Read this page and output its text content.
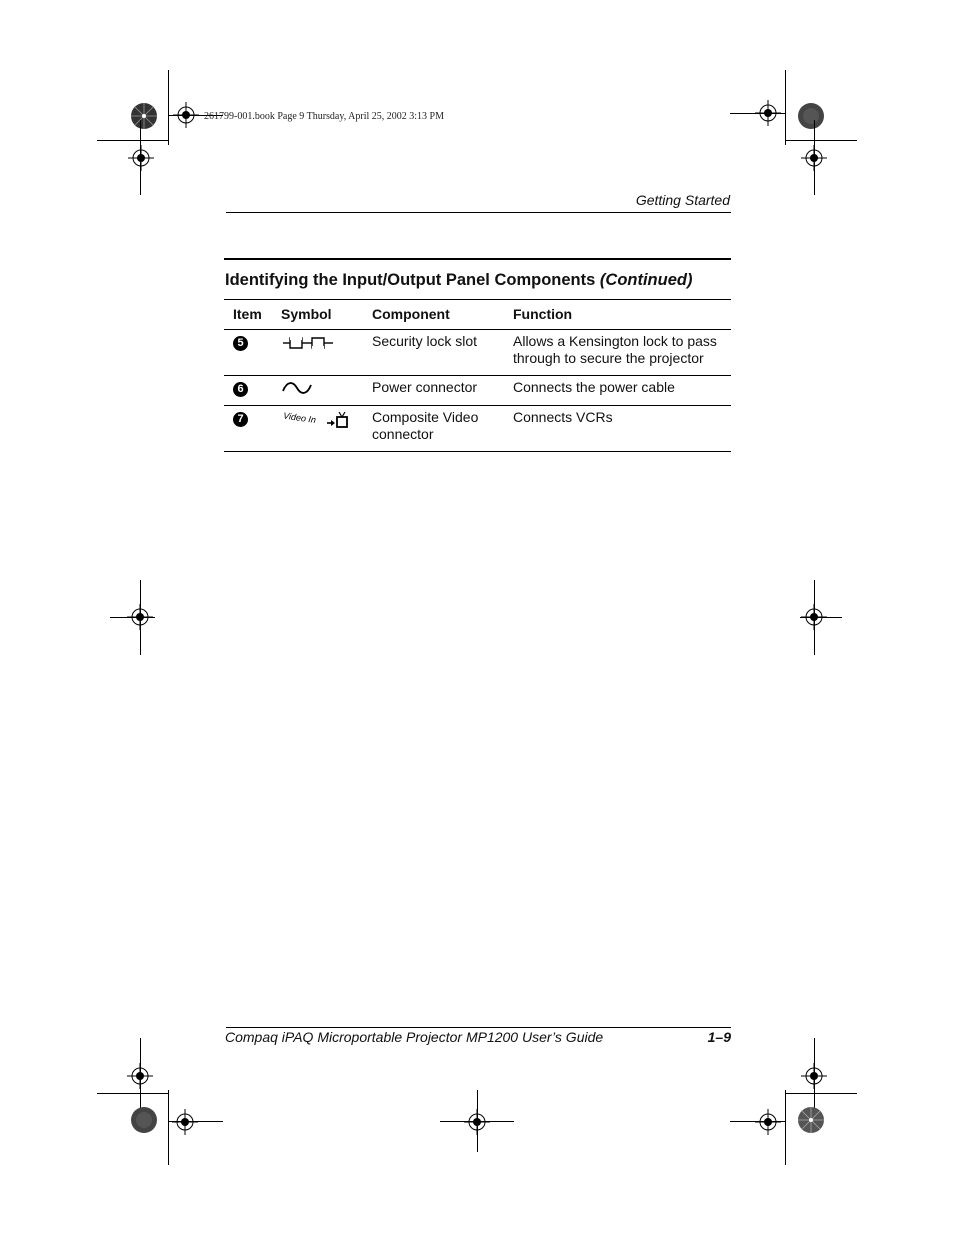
261799-001.book Page 9 Thursday, April 25, 2002 3:13 PM
Getting Started
Identifying the Input/Output Panel Components (Continued)
Item	Symbol	Component	Function
5		Security lock slot	Allows a Kensington lock to pass through to secure the projector
6		Power connector	Connects the power cable
7	Video In	Composite Video connector	Connects VCRs
Compaq iPAQ Microportable Projector MP1200 User’s Guide	1–9
